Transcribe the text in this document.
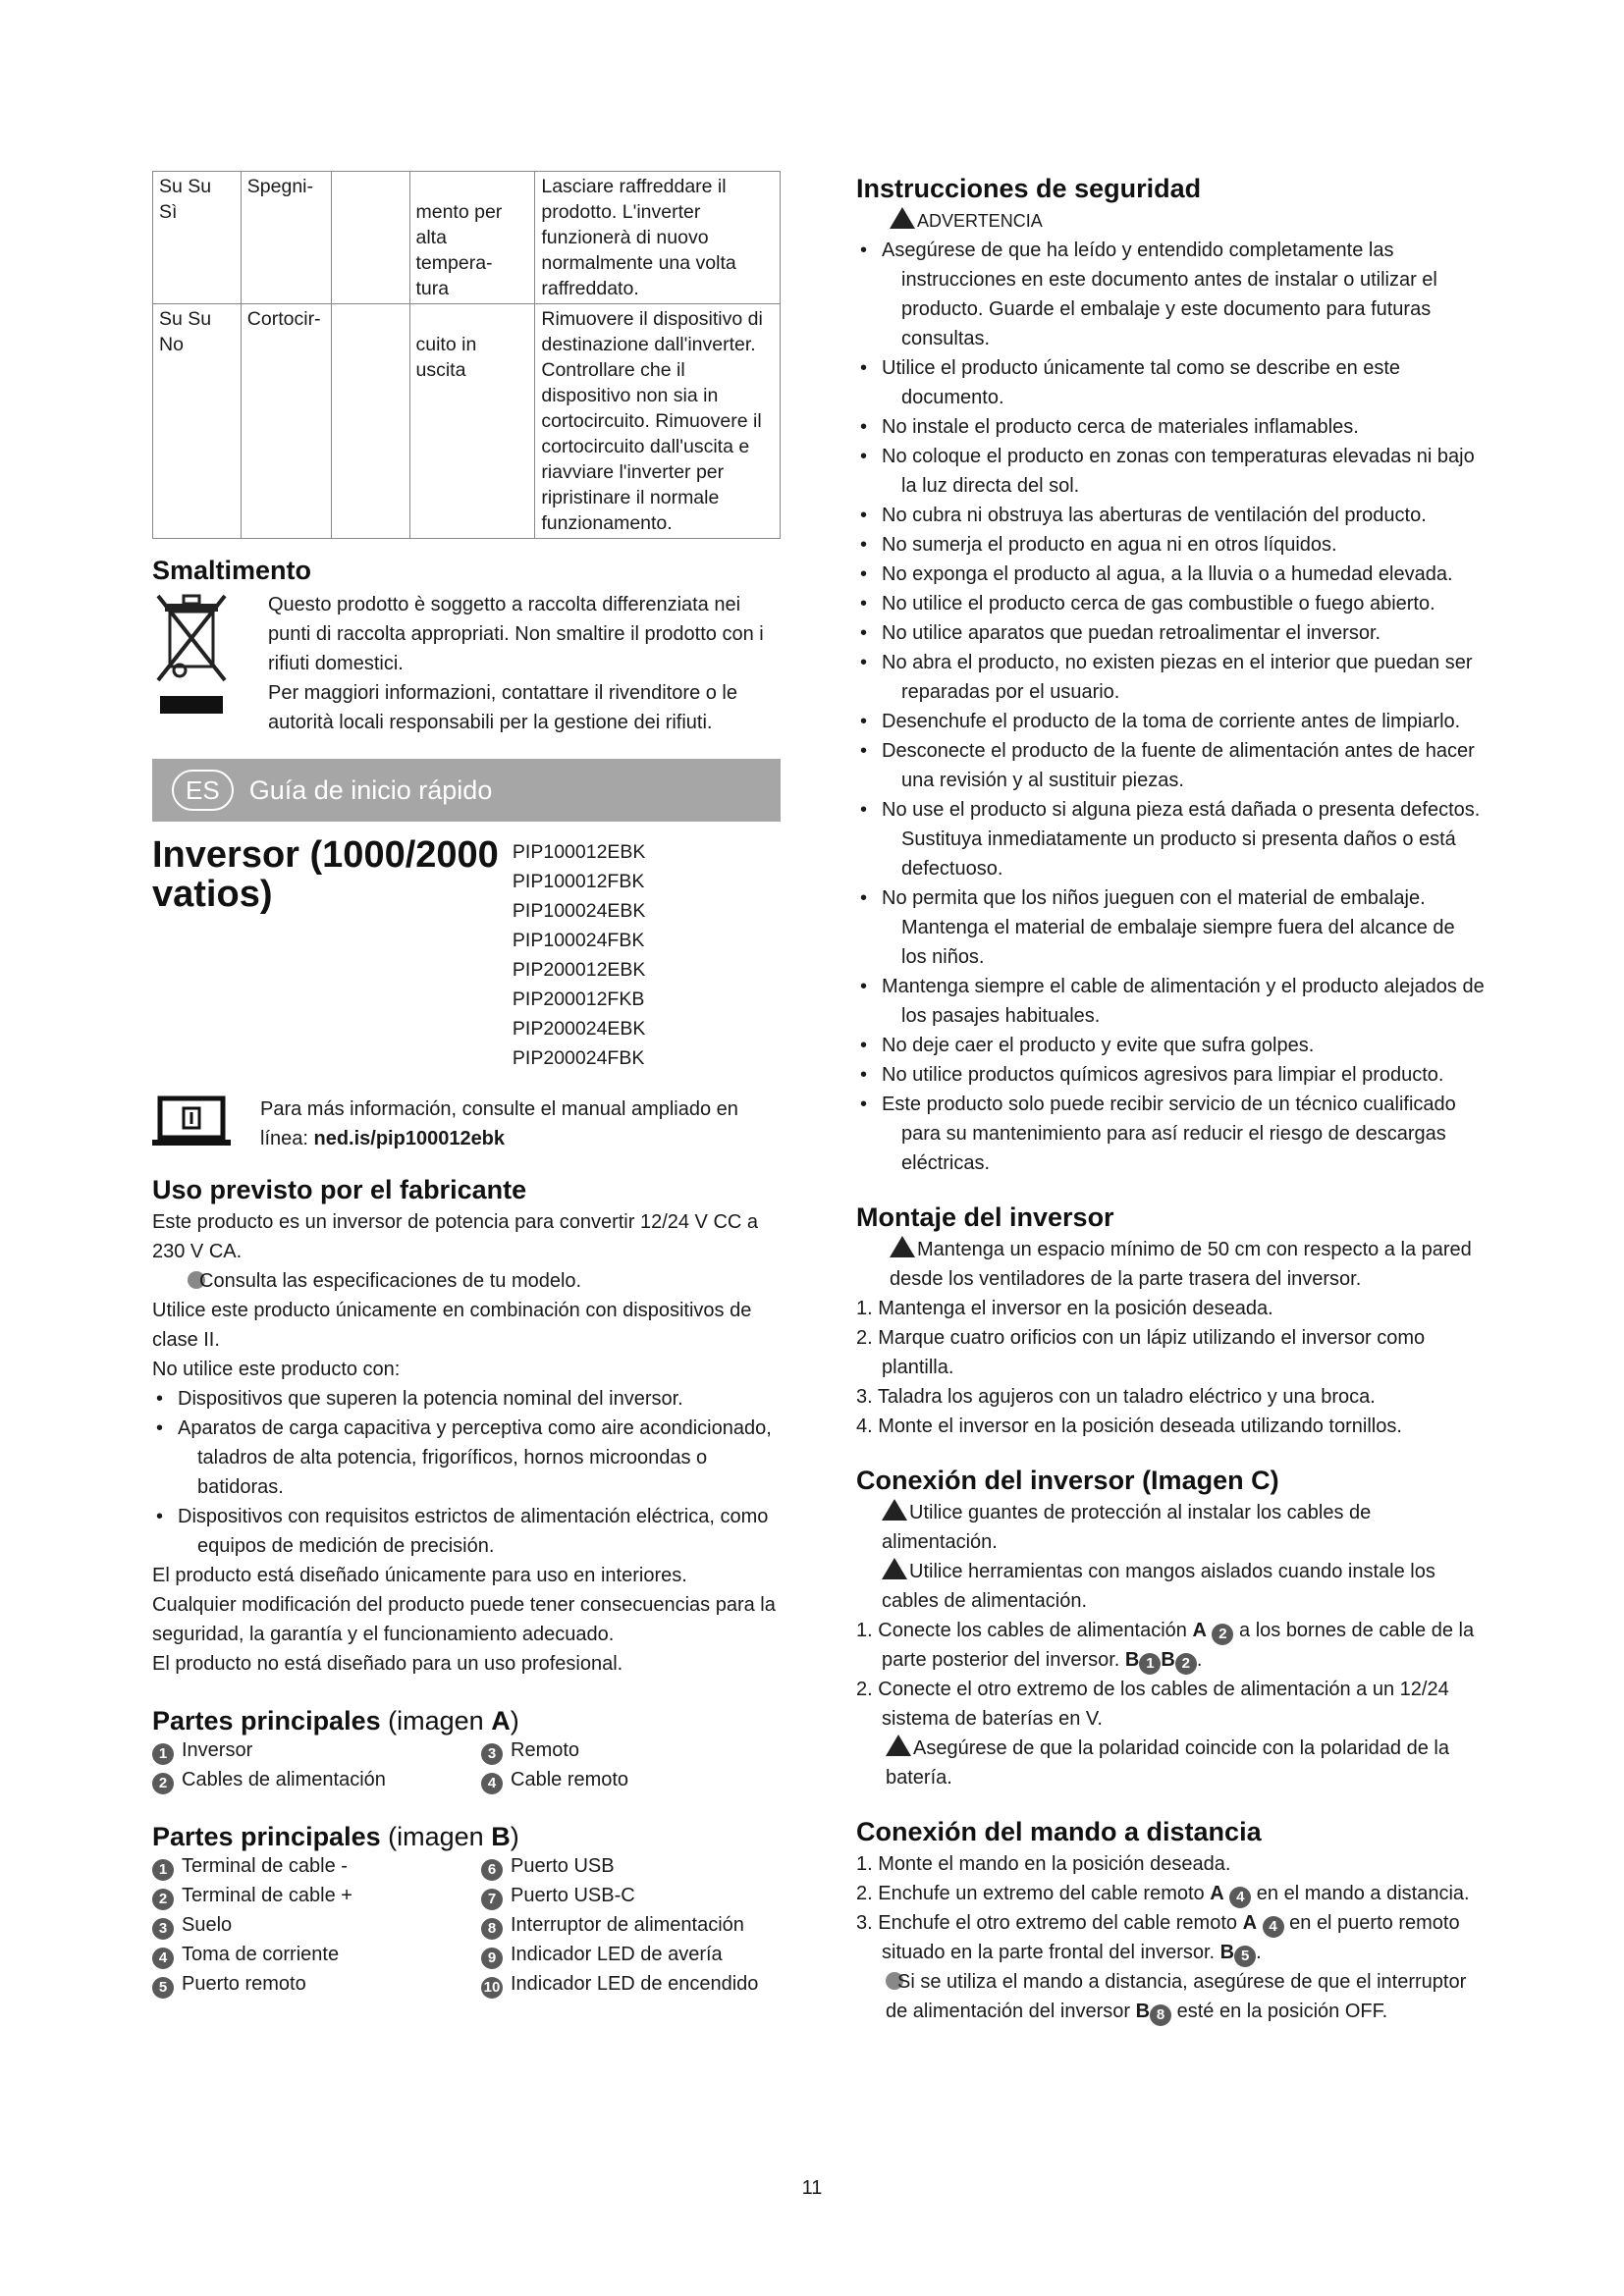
Su Su Sì	Spegni-		mento per alta tempera- tura	Lasciare raffreddare il prodotto. L'inverter funzionerà di nuovo normalmente una volta raffreddato.
Su Su No	Cortocir-		cuito in uscita	Rimuovere il dispositivo di destinazione dall'inverter. Controllare che il dispositivo non sia in cortocircuito. Rimuovere il cortocircuito dall'uscita e riavviare l'inverter per ripristinare il normale funzionamento.
Smaltimento

Questo prodotto è soggetto a raccolta differenziata nei punti di raccolta appropriati. Non smaltire il prodotto con i rifiuti domestici.

Per maggiori informazioni, contattare il rivenditore o le autorità locali responsabili per la gestione dei rifiuti.

ES	Guía de inicio rápido
Inversor (1000/2000 vatios)
PIP100012EBK PIP100012FBK
PIP100024EBK PIP100024FBK
PIP200012EBK PIP200012FKB
PIP200024EBK PIP200024FBK
Para más información, consulte el manual ampliado en línea: ned.is/pip100012ebk
Uso previsto por el fabricante

Este producto es un inversor de potencia para convertir 12/24 V CC a 230 V CA.

Consulta las especificaciones de tu modelo.

Utilice este producto únicamente en combinación con dispositivos de clase II.

No utilice este producto con:

• Dispositivos que superen la potencia nominal del inversor.
• Aparatos de carga capacitiva y perceptiva como aire acondicionado, taladros de alta potencia, frigoríficos, hornos microondas o batidoras.
• Dispositivos con requisitos estrictos de alimentación eléctrica, como equipos de medición de precisión.

El producto está diseñado únicamente para uso en interiores.

Cualquier modificación del producto puede tener consecuencias para la seguridad, la garantía y el funcionamiento adecuado.

El producto no está diseñado para un uso profesional.

Partes principales (imagen A)
1 Inversor	3 Remoto
2 Cables de alimentación	4 Cable remoto
Partes principales (imagen B)
1 Terminal de cable -	6 Puerto USB
2 Terminal de cable +	7 Puerto USB-C
3 Suelo	8 Interruptor de alimentación
4 Toma de corriente	9 Indicador LED de avería
5 Puerto remoto	10 Indicador LED de encendido
Instrucciones de seguridad
ADVERTENCIA
• Asegúrese de que ha leído y entendido completamente las instrucciones en este documento antes de instalar o utilizar el producto. Guarde el embalaje y este documento para futuras consultas.
• Utilice el producto únicamente tal como se describe en este documento.
• No instale el producto cerca de materiales inflamables.
• No coloque el producto en zonas con temperaturas elevadas ni bajo la luz directa del sol.
• No cubra ni obstruya las aberturas de ventilación del producto.
• No sumerja el producto en agua ni en otros líquidos.
• No exponga el producto al agua, a la lluvia o a humedad elevada.
• No utilice el producto cerca de gas combustible o fuego abierto.
• No utilice aparatos que puedan retroalimentar el inversor.
• No abra el producto, no existen piezas en el interior que puedan ser reparadas por el usuario.
• Desenchufe el producto de la toma de corriente antes de limpiarlo.
• Desconecte el producto de la fuente de alimentación antes de hacer una revisión y al sustituir piezas.
• No use el producto si alguna pieza está dañada o presenta defectos. Sustituya inmediatamente un producto si presenta daños o está defectuoso.
• No permita que los niños jueguen con el material de embalaje. Mantenga el material de embalaje siempre fuera del alcance de los niños.
• Mantenga siempre el cable de alimentación y el producto alejados de los pasajes habituales.
• No deje caer el producto y evite que sufra golpes.
• No utilice productos químicos agresivos para limpiar el producto.
• Este producto solo puede recibir servicio de un técnico cualificado para su mantenimiento para así reducir el riesgo de descargas eléctricas.
Montaje del inversor

Mantenga un espacio mínimo de 50 cm con respecto a la pared desde los ventiladores de la parte trasera del inversor.

1. Mantenga el inversor en la posición deseada.
2. Marque cuatro orificios con un lápiz utilizando el inversor como plantilla.
3. Taladra los agujeros con un taladro eléctrico y una broca.
4. Monte el inversor en la posición deseada utilizando tornillos.
Conexión del inversor (Imagen C)

Utilice guantes de protección al instalar los cables de alimentación.

Utilice herramientas con mangos aislados cuando instale los cables de alimentación.

1. Conecte los cables de alimentación A 2 a los bornes de cable de la parte posterior del inversor. B 1 B 2 .
2. Conecte el otro extremo de los cables de alimentación a un 12/24 sistema de baterías en V.
Asegúrese de que la polaridad coincide con la polaridad de la batería.
Conexión del mando a distancia
1. Monte el mando en la posición deseada.
2. Enchufe un extremo del cable remoto A 4 en el mando a distancia.
3. Enchufe el otro extremo del cable remoto A 4 en el puerto remoto situado en la parte frontal del inversor. B 5 .
Si se utiliza el mando a distancia, asegúrese de que el interruptor de alimentación del inversor B 8 esté en la posición OFF.
11
